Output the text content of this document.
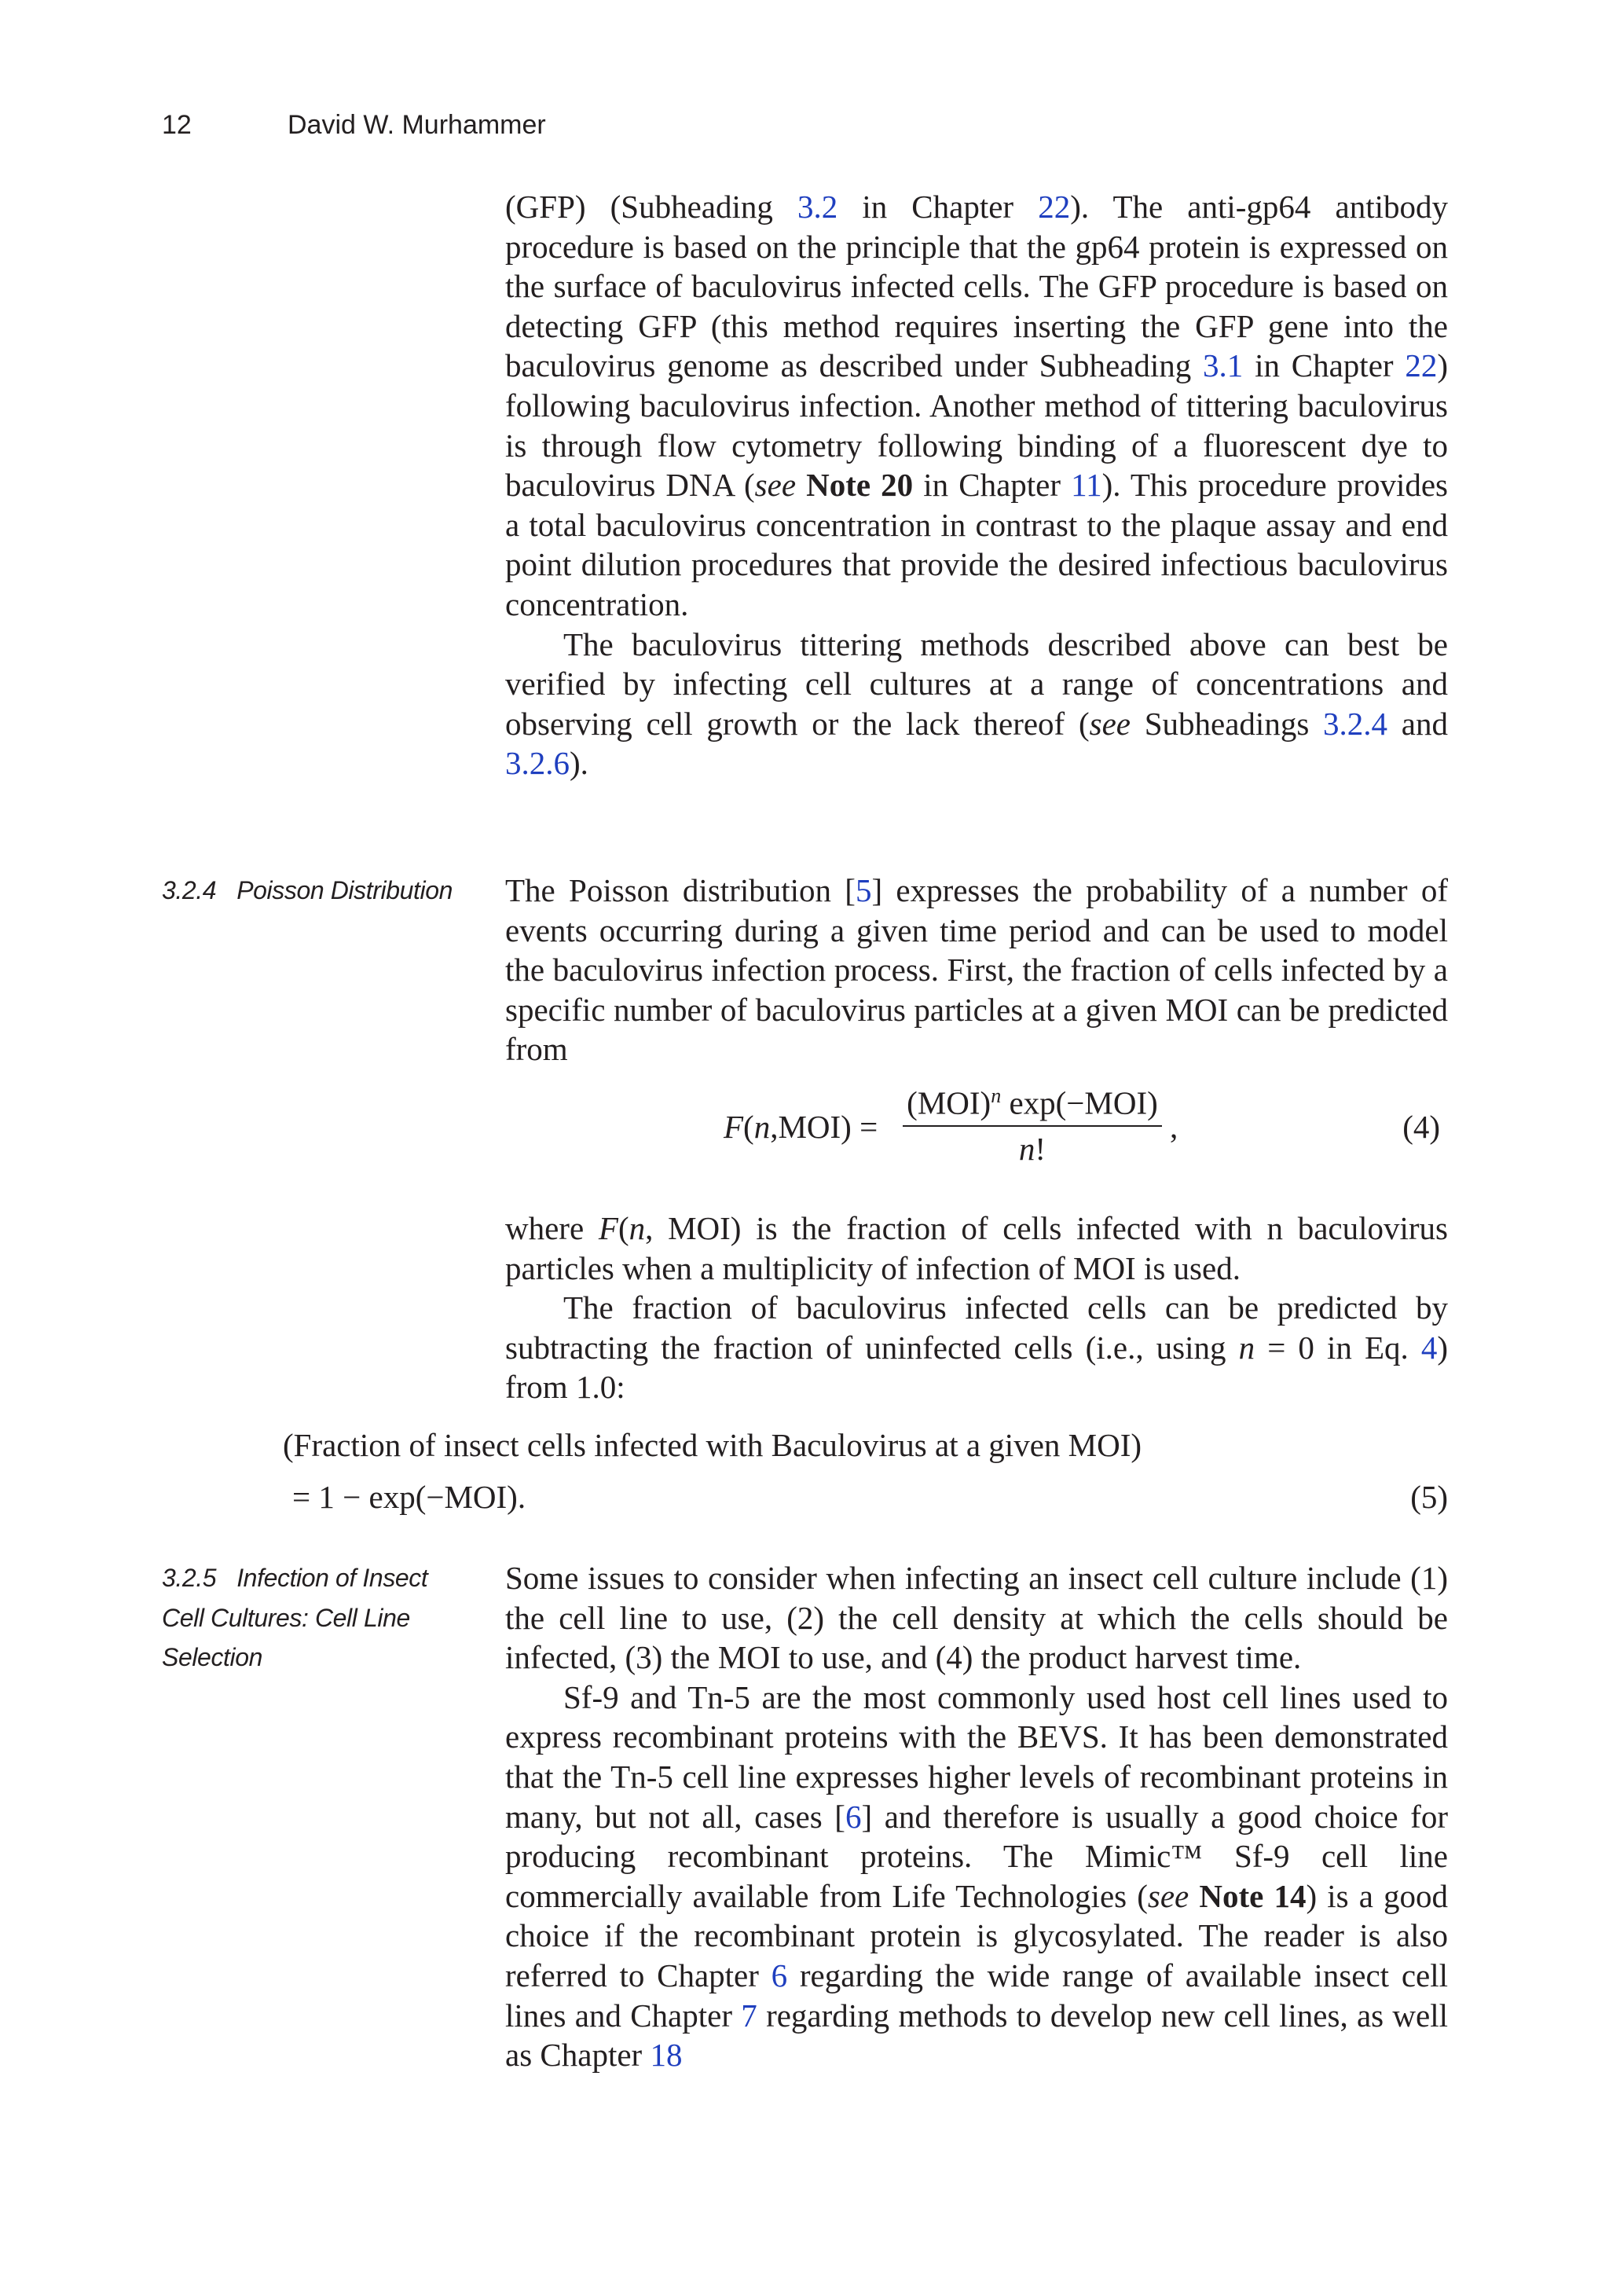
12	David W. Murhammer

(GFP) (Subheading 3.2 in Chapter 22). The anti-gp64 antibody procedure is based on the principle that the gp64 protein is expressed on the surface of baculovirus infected cells. The GFP procedure is based on detecting GFP (this method requires inserting the GFP gene into the baculovirus genome as described under Subheading 3.1 in Chapter 22) following baculovirus infection. Another method of tittering baculovirus is through flow cytometry following binding of a fluorescent dye to baculovirus DNA (see Note 20 in Chapter 11). This procedure provides a total baculovirus concentration in contrast to the plaque assay and end point dilution procedures that provide the desired infectious baculovirus concentration.

The baculovirus tittering methods described above can best be verified by infecting cell cultures at a range of concentrations and observing cell growth or the lack thereof (see Subheadings 3.2.4 and 3.2.6).

3.2.4 Poisson Distribution	The Poisson distribution [5] expresses the probability of a number of events occurring during a given time period and can be used to model the baculovirus infection process. First, the fraction of cells infected by a specific number of baculovirus particles at a given MOI can be predicted from

F(n,MOI) =
(MOI)$^n$ exp(−MOI)
n!
,	(4)

where F(n, MOI) is the fraction of cells infected with n baculovirus particles when a multiplicity of infection of MOI is used.

The fraction of baculovirus infected cells can be predicted by subtracting the fraction of uninfected cells (i.e., using n = 0 in Eq. 4) from 1.0:

(Fraction of insect cells infected with Baculovirus at a given MOI)
= 1 − exp(−MOI).	(5)
3.2.5 Infection of Insect Cell Cultures: Cell Line Selection

Some issues to consider when infecting an insect cell culture include (1) the cell line to use, (2) the cell density at which the cells should be infected, (3) the MOI to use, and (4) the product harvest time.

Sf-9 and Tn-5 are the most commonly used host cell lines used to express recombinant proteins with the BEVS. It has been demonstrated that the Tn-5 cell line expresses higher levels of recombinant proteins in many, but not all, cases [6] and therefore is usually a good choice for producing recombinant proteins. The Mimic™ Sf-9 cell line commercially available from Life Technologies (see Note 14) is a good choice if the recombinant protein is glycosylated. The reader is also referred to Chapter 6 regarding the wide range of available insect cell lines and Chapter 7 regarding methods to develop new cell lines, as well as Chapter 18
